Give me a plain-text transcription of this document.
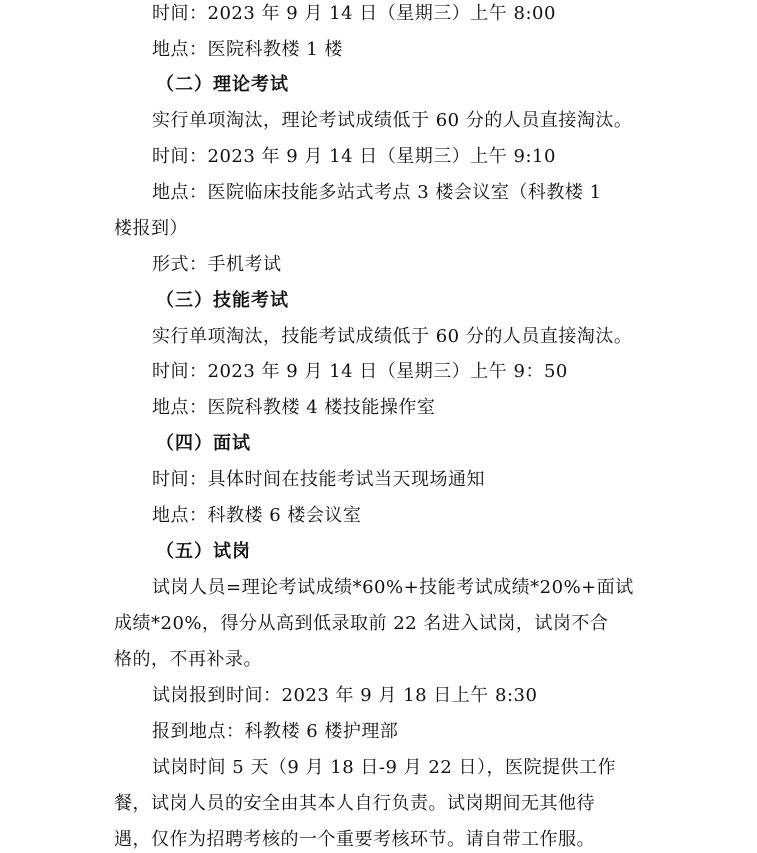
时间：2023 年 9 月 14 日（星期三）上午 8:00
地点：医院科教楼 1 楼
（二）理论考试
实行单项淘汰，理论考试成绩低于 60 分的人员直接淘汰。
时间：2023 年 9 月 14 日（星期三）上午 9:10
地点：医院临床技能多站式考点 3 楼会议室（科教楼 1
楼报到）
形式：手机考试
（三）技能考试
实行单项淘汰，技能考试成绩低于 60 分的人员直接淘汰。
时间：2023 年 9 月 14 日（星期三）上午 9：50
地点：医院科教楼 4 楼技能操作室
（四）面试
时间：具体时间在技能考试当天现场通知
地点：科教楼 6 楼会议室
（五）试岗
试岗人员=理论考试成绩*60%+技能考试成绩*20%+面试
成绩*20%，得分从高到低录取前 22 名进入试岗，试岗不合
格的，不再补录。
试岗报到时间：2023 年 9 月 18 日上午 8:30
报到地点：科教楼 6 楼护理部
试岗时间 5 天（9 月 18 日-9 月 22 日），医院提供工作
餐，试岗人员的安全由其本人自行负责。试岗期间无其他待
遇，仅作为招聘考核的一个重要考核环节。请自带工作服。
